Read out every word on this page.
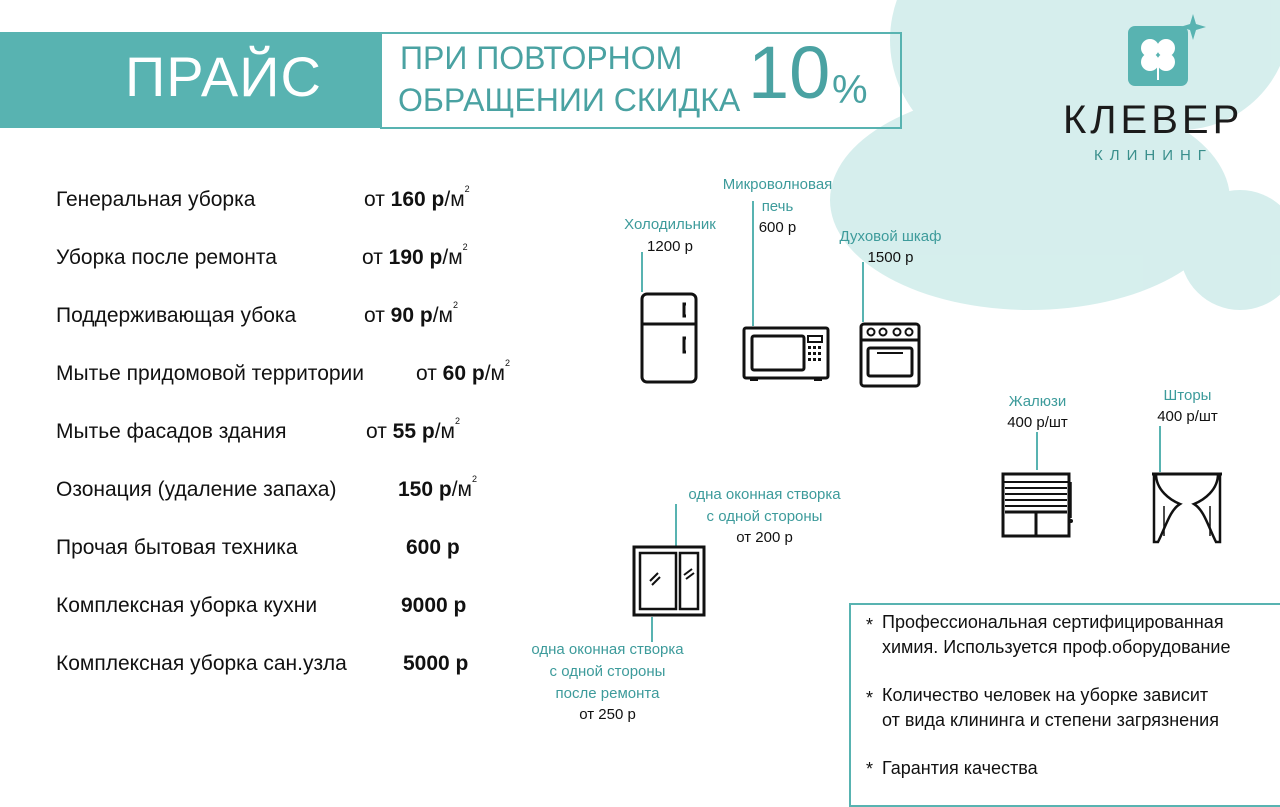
ПРАЙС ПРИ ПОВТОРНОМ
ОБРАЩЕНИИ СКИДКА 10 %
КЛЕВЕР
КЛИНИНГ
Генеральная уборка	от 160 $р/м^2$
Уборка после ремонта	от 190 $р/м^2$
Поддерживающая убока	от 90 $р/м^2$
Мытье придомовой территории от 60 $р/м^2$
Мытье фасадов здания	от 55 $р/м^2$
Озонация (удаление запаха)	150 $р/м^2$
Прочая бытовая техника	600 р
Комплексная уборка кухни	9000 р
Комплексная уборка сан.узла	5000 р
Холодильник
1200 р
Микроволновая
печь
600 р
Духовой шкаф
1500 р
Жалюзи
400 р/шт
Шторы
400 р/шт
одна оконная створка
с одной стороны
от 200 р
одна оконная створка
с одной стороны
после ремонта
от 250 р
* Профессиональная сертифицированная
химия. Используется проф.оборудование
* Количество человек на уборке зависит
от вида клининга и степени загрязнения
* Гарантия качества
